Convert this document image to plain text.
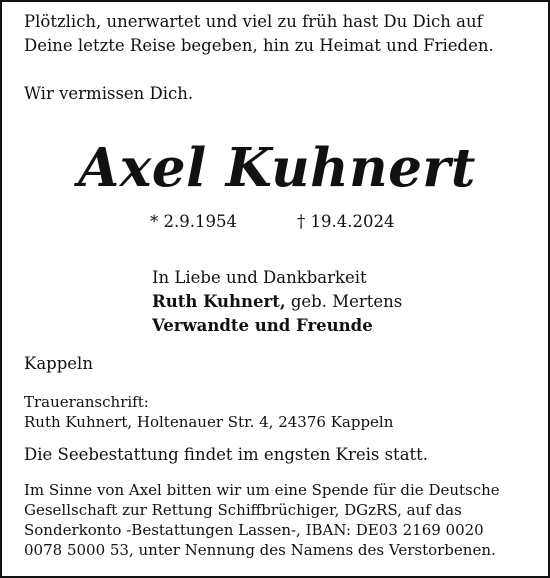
Plötzlich, unerwartet und viel zu früh hast Du Dich auf
Deine letzte Reise begeben, hin zu Heimat und Frieden.

Wir vermissen Dich.

Axel Kuhnert
* 2.9.1954	† 19.4.2024
In Liebe und Dankbarkeit
Ruth Kuhnert, geb. Mertens
Verwandte und Freunde

Kappeln

Traueranschrift:
Ruth Kuhnert, Holtenauer Str. 4, 24376 Kappeln

Die Seebestattung findet im engsten Kreis statt.

Im Sinne von Axel bitten wir um eine Spende für die Deutsche
Gesellschaft zur Rettung Schiffbrüchiger, DGzRS, auf das
Sonderkonto -Bestattungen Lassen-, IBAN: DE03 2169 0020
0078 5000 53, unter Nennung des Namens des Verstorbenen.
